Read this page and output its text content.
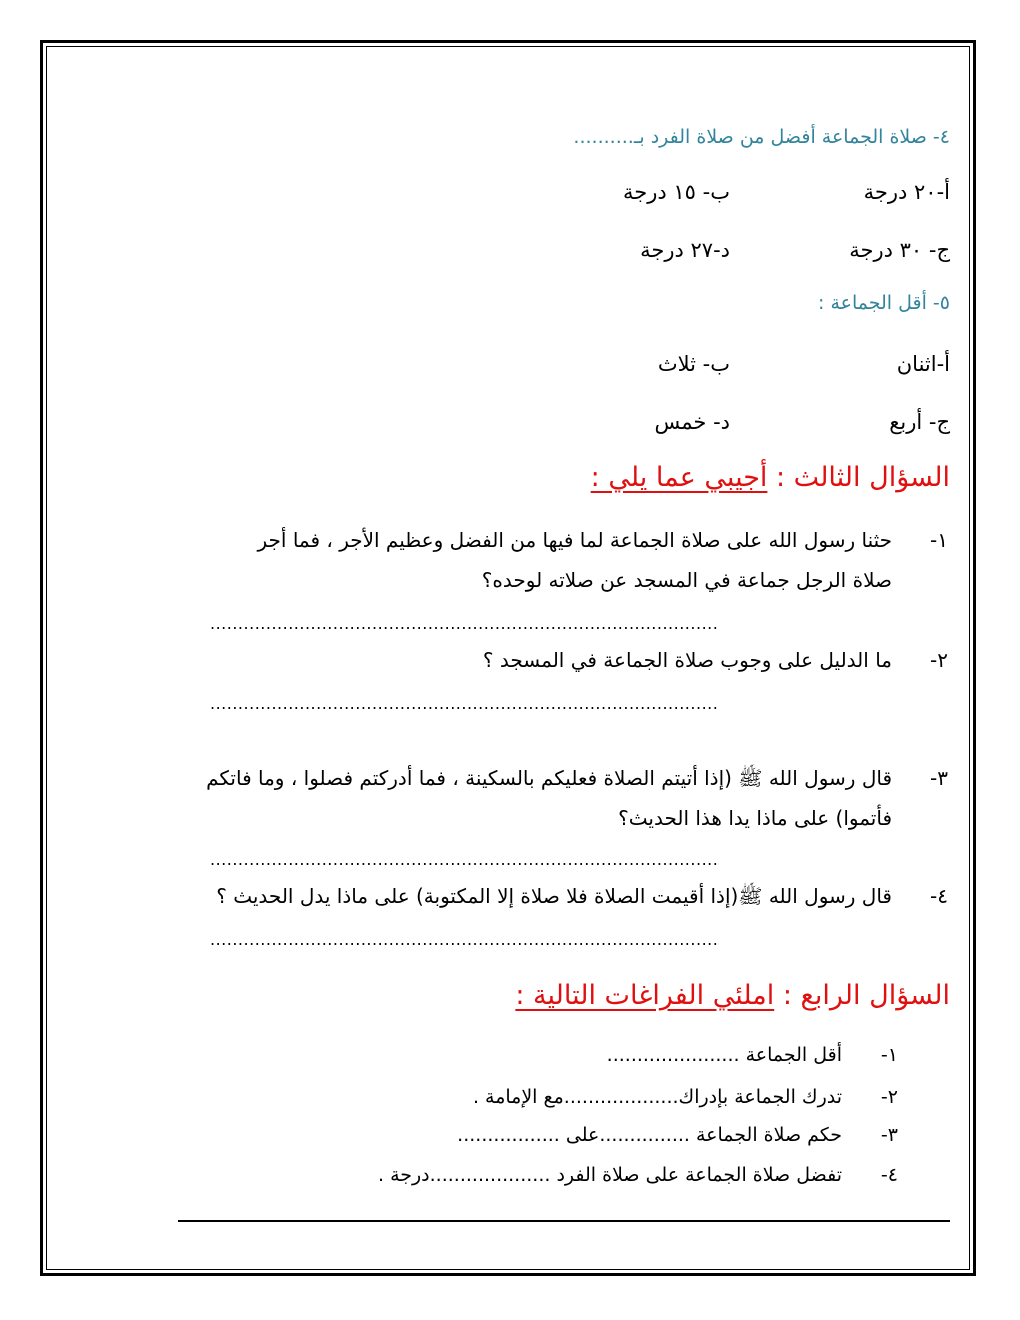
٤- صلاة الجماعة أفضل من صلاة الفرد بـ..........
أ-٢٠ درجة
ب- ١٥ درجة
ج- ٣٠ درجة
د-٢٧ درجة
٥- أقل الجماعة :
أ-اثنان
ب- ثلاث
ج- أربع
د- خمس
السؤال الثالث : أجيبي عما يلي :
١-
حثنا رسول الله على صلاة الجماعة لما فيها من الفضل وعظيم الأجر ، فما أجر
صلاة الرجل جماعة في المسجد عن صلاته لوحده؟
...........................................................................................
٢-
ما الدليل على وجوب صلاة الجماعة في المسجد ؟
...........................................................................................
٣-
قال رسول الله ﷺ (إذا أتيتم الصلاة فعليكم بالسكينة ، فما أدركتم فصلوا ، وما فاتكم
فأتموا) على ماذا يدا هذا الحديث؟
...........................................................................................
٤-
قال رسول الله ﷺ(إذا أقيمت الصلاة فلا صلاة إلا المكتوبة) على ماذا يدل الحديث ؟
...........................................................................................
السؤال الرابع : املئي الفراغات التالية :
١-
أقل الجماعة ......................
٢-
تدرك الجماعة بإدراك...................مع الإمامة .
٣-
حكم صلاة الجماعة ...............على .................
٤-
تفضل صلاة الجماعة على صلاة الفرد ....................درجة .
